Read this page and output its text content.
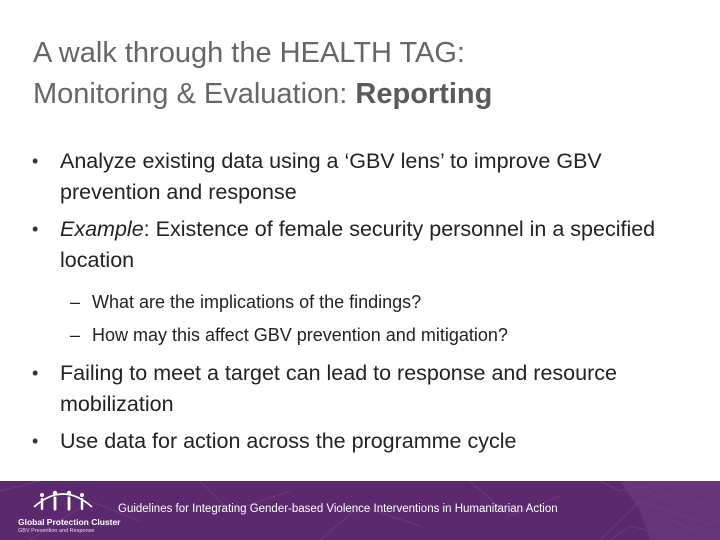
A walk through the HEALTH TAG:
Monitoring & Evaluation: Reporting
• Analyze existing data using a ‘GBV lens’ to improve GBV prevention and response
• Example: Existence of female security personnel in a specified location
– What are the implications of the findings?
– How may this affect GBV prevention and mitigation?
• Failing to meet a target can lead to response and resource mobilization
• Use data for action across the programme cycle
Global Protection Cluster
GBV Prevention and Response
Guidelines for Integrating Gender-based Violence Interventions in Humanitarian Action
